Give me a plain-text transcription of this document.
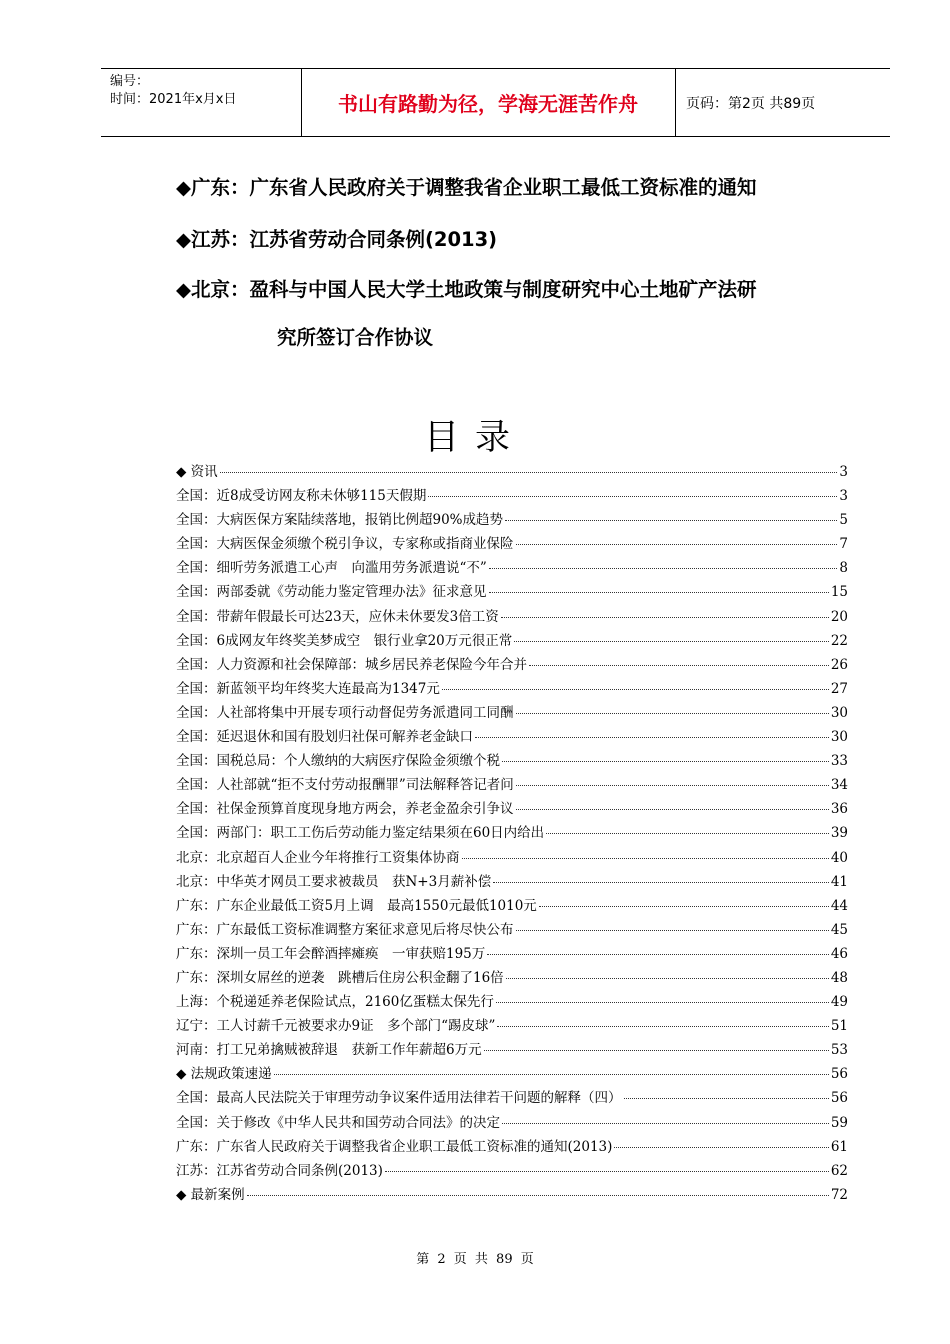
编号：
时间：2021年x月x日	书山有路勤为径，学海无涯苦作舟	页码：第2页 共89页
◆广东：广东省人民政府关于调整我省企业职工最低工资标准的通知
◆江苏：江苏省劳动合同条例(2013)
◆北京：盈科与中国人民大学土地政策与制度研究中心土地矿产法研
究所签订合作协议
目录
◆ 资讯	3
全国：近8成受访网友称未休够115天假期	3
全国：大病医保方案陆续落地，报销比例超90%成趋势	5
全国：大病医保金须缴个税引争议，专家称或指商业保险	7
全国：细听劳务派遣工心声　向滥用劳务派遣说“不”	8
全国：两部委就《劳动能力鉴定管理办法》征求意见	15
全国：带薪年假最长可达23天，应休未休要发3倍工资	20
全国：6成网友年终奖美梦成空　银行业拿20万元很正常	22
全国：人力资源和社会保障部：城乡居民养老保险今年合并	26
全国：新蓝领平均年终奖大连最高为1347元	27
全国：人社部将集中开展专项行动督促劳务派遣同工同酬	30
全国：延迟退休和国有股划归社保可解养老金缺口	30
全国：国税总局：个人缴纳的大病医疗保险金须缴个税	33
全国：人社部就“拒不支付劳动报酬罪”司法解释答记者问	34
全国：社保金预算首度现身地方两会，养老金盈余引争议	36
全国：两部门：职工工伤后劳动能力鉴定结果须在60日内给出	39
北京：北京超百人企业今年将推行工资集体协商	40
北京：中华英才网员工要求被裁员　获N+3月薪补偿	41
广东：广东企业最低工资5月上调　最高1550元最低1010元	44
广东：广东最低工资标准调整方案征求意见后将尽快公布	45
广东：深圳一员工年会醉酒摔瘫痪　一审获赔195万	46
广东：深圳女屌丝的逆袭　跳槽后住房公积金翻了16倍	48
上海：个税递延养老保险试点，2160亿蛋糕太保先行	49
辽宁：工人讨薪千元被要求办9证　多个部门“踢皮球”	51
河南：打工兄弟擒贼被辞退　获新工作年薪超6万元	53
◆ 法规政策速递	56
全国：最高人民法院关于审理劳动争议案件适用法律若干问题的解释（四）	56
全国：关于修改《中华人民共和国劳动合同法》的决定	59
广东：广东省人民政府关于调整我省企业职工最低工资标准的通知(2013)	61
江苏：江苏省劳动合同条例(2013)	62
◆ 最新案例	72
第 2 页 共 89 页
